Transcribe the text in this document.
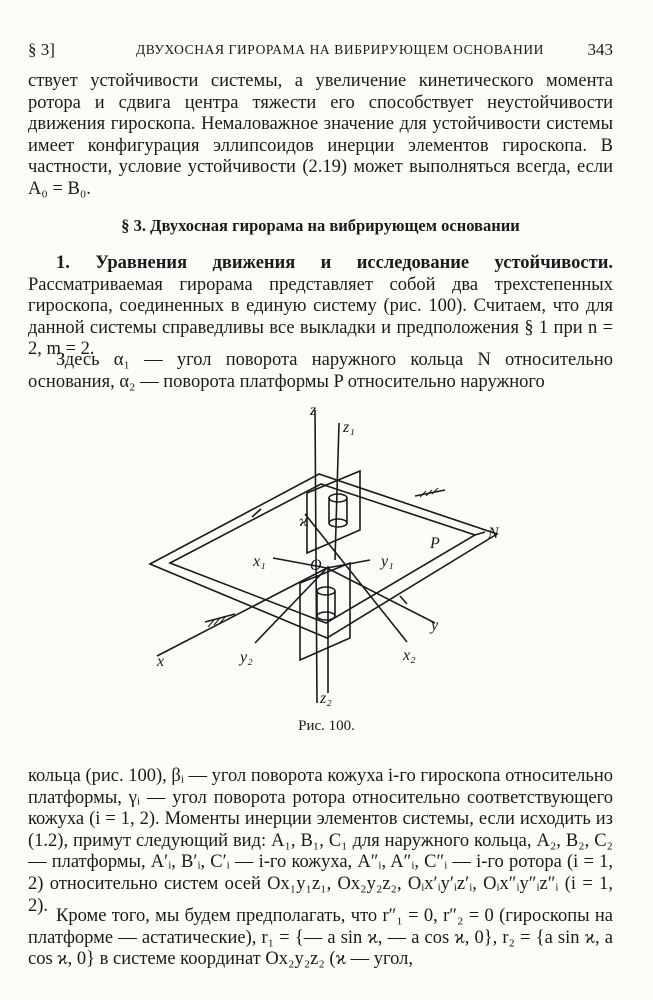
§ 3]	ДВУХОСНАЯ ГИРОРАМА НА ВИБРИРУЮЩЕМ ОСНОВАНИИ	343

ствует устойчивости системы, а увеличение кинетического момента ротора и сдвига центра тяжести его способствует неустойчивости движения гироскопа. Немаловажное значение для устойчивости системы имеет конфигурация эллипсоидов инерции элементов гироскопа. В частности, условие устойчивости (2.19) может выполняться всегда, если A₀ = B₀.

§ 3. Двухосная гирорама на вибрирующем основании

1. Уравнения движения и исследование устойчивости. Рассматриваемая гирорама представляет собой два трехстепенных гироскопа, соединенных в единую систему (рис. 100). Считаем, что для данной системы справедливы все выкладки и предположения § 1 при n = 2, m = 2.

Здесь α₁ — угол поворота наружного кольца N относительно основания, α₂ — поворота платформы P относительно наружного

z
z₁
z₂
x
x₁
x₂
y
y₁
y₂
O
P
N
ϰ
Рис. 100.

кольца (рис. 100), βᵢ — угол поворота кожуха i-го гироскопа относительно платформы, γᵢ — угол поворота ротора относительно соответствующего кожуха (i = 1, 2). Моменты инерции элементов системы, если исходить из (1.2), примут следующий вид: A₁, B₁, C₁ для наружного кольца, A₂, B₂, C₂ — платформы, A′ᵢ, B′ᵢ, C′ᵢ — i-го кожуха, A″ᵢ, A″ᵢ, C″ᵢ — i-го ротора (i = 1, 2) относительно систем осей Ox₁y₁z₁, Ox₂y₂z₂, Oᵢx′ᵢy′ᵢz′ᵢ, Oᵢx″ᵢy″ᵢz″ᵢ (i = 1, 2).

Кроме того, мы будем предполагать, что r″₁ = 0, r″₂ = 0 (гироскопы на платформе — астатические), r₁ = {— a sin ϰ, — a cos ϰ, 0}, r₂ = {a sin ϰ, a cos ϰ, 0} в системе координат Ox₂y₂z₂ (ϰ — угол,
